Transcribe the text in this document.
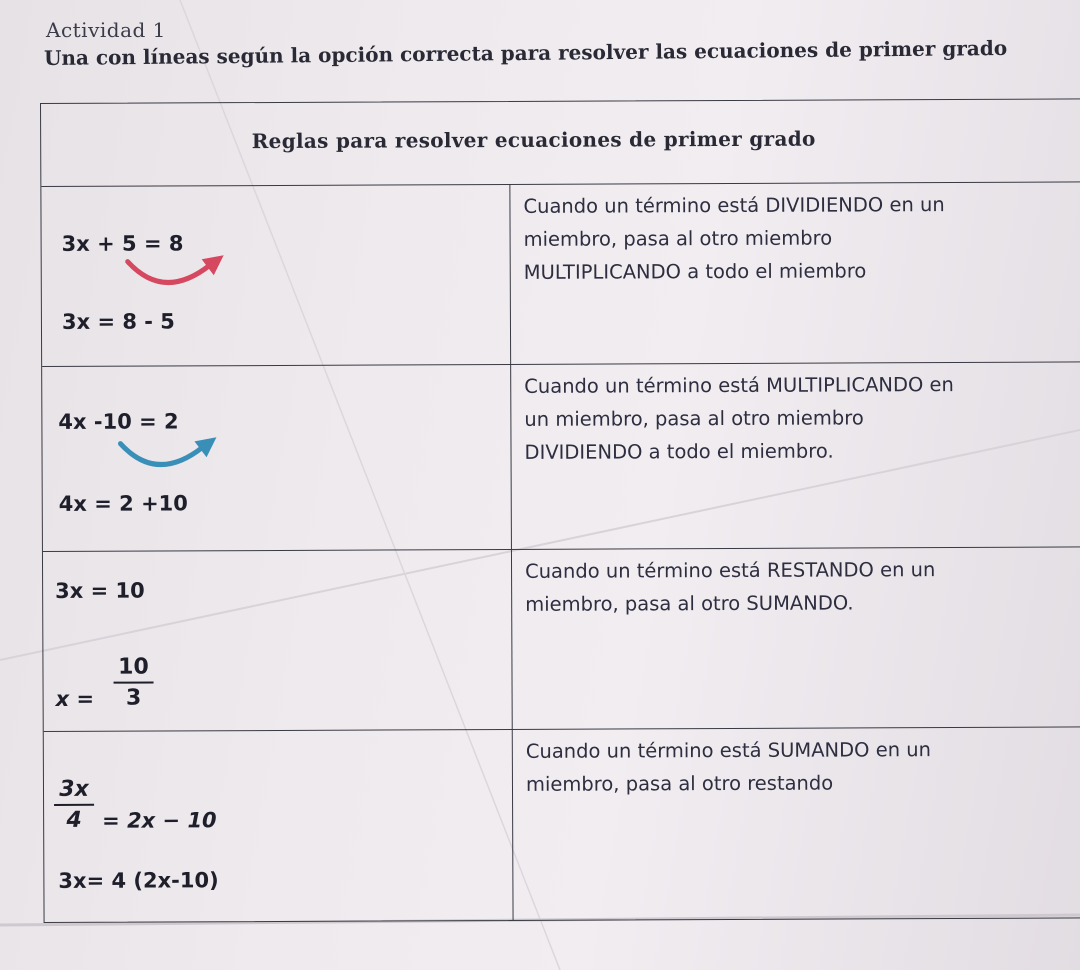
Actividad 1
Una con líneas según la opción correcta para resolver las ecuaciones de primer grado
Reglas para resolver ecuaciones de primer grado
3x + 5 = 8
3x = 8 - 5
Cuando un término está DIVIDIENDO en un
miembro, pasa al otro miembro
MULTIPLICANDO a todo el miembro
4x -10 = 2
4x = 2 +10
Cuando un término está MULTIPLICANDO en
un miembro, pasa al otro miembro
DIVIDIENDO a todo el miembro.
3x = 10
x =
10
3
Cuando un término está RESTANDO en un
miembro, pasa al otro SUMANDO.
3x
4 = 2x − 10
3x= 4 (2x-10)
Cuando un término está SUMANDO en un
miembro, pasa al otro restando
